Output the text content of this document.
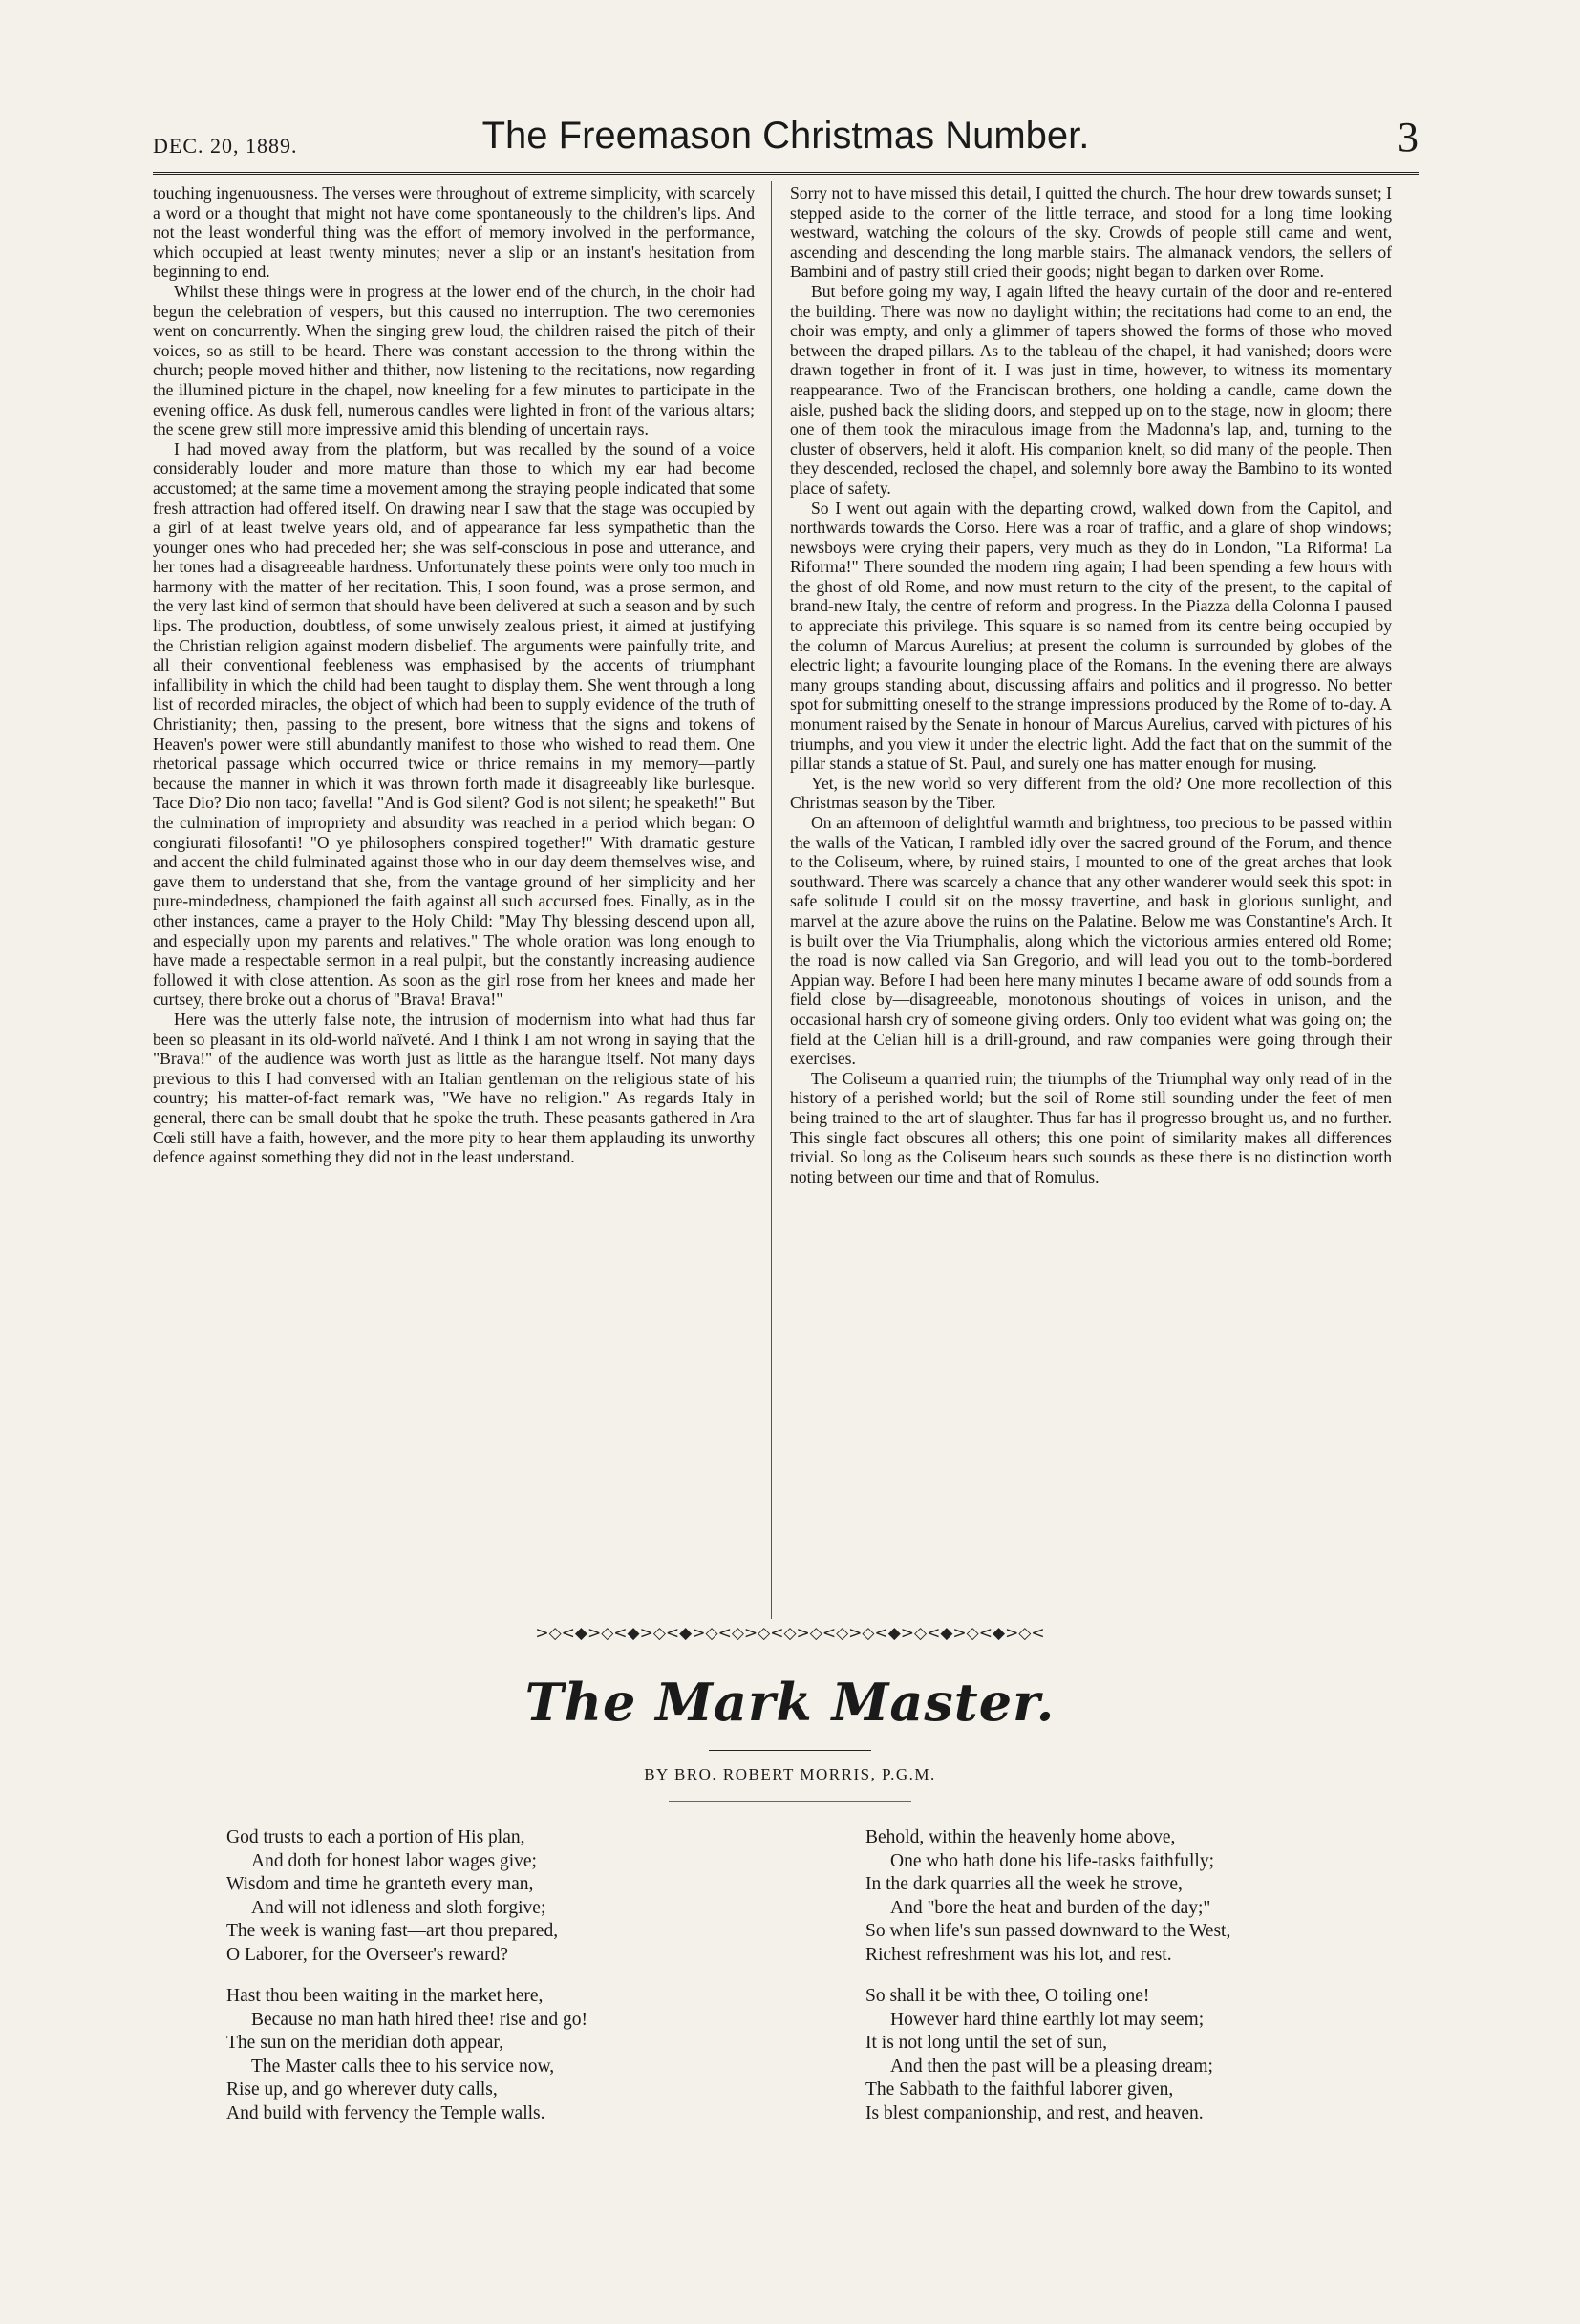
DEC. 20, 1889.	The Freemason Christmas Number.	3

touching ingenuousness. The verses were throughout of extreme simplicity, with scarcely a word or a thought that might not have come spontaneously to the children's lips. And not the least wonderful thing was the effort of memory involved in the performance, which occupied at least twenty minutes; never a slip or an instant's hesitation from beginning to end.

Whilst these things were in progress at the lower end of the church, in the choir had begun the celebration of vespers, but this caused no interruption. The two ceremonies went on concurrently. When the singing grew loud, the children raised the pitch of their voices, so as still to be heard. There was constant accession to the throng within the church; people moved hither and thither, now listening to the recitations, now regarding the illumined picture in the chapel, now kneeling for a few minutes to participate in the evening office. As dusk fell, numerous candles were lighted in front of the various altars; the scene grew still more impressive amid this blending of uncertain rays.

I had moved away from the platform, but was recalled by the sound of a voice considerably louder and more mature than those to which my ear had become accustomed; at the same time a movement among the straying people indicated that some fresh attraction had offered itself. On drawing near I saw that the stage was occupied by a girl of at least twelve years old, and of appearance far less sympathetic than the younger ones who had preceded her; she was self-conscious in pose and utterance, and her tones had a disagreeable hardness. Unfortunately these points were only too much in harmony with the matter of her recitation. This, I soon found, was a prose sermon, and the very last kind of sermon that should have been delivered at such a season and by such lips. The production, doubtless, of some unwisely zealous priest, it aimed at justifying the Christian religion against modern disbelief. The arguments were painfully trite, and all their conventional feebleness was emphasised by the accents of triumphant infallibility in which the child had been taught to display them. She went through a long list of recorded miracles, the object of which had been to supply evidence of the truth of Christianity; then, passing to the present, bore witness that the signs and tokens of Heaven's power were still abundantly manifest to those who wished to read them. One rhetorical passage which occurred twice or thrice remains in my memory—partly because the manner in which it was thrown forth made it disagreeably like burlesque. Tace Dio? Dio non taco; favella! "And is God silent? God is not silent; he speaketh!" But the culmination of impropriety and absurdity was reached in a period which began: O congiurati filosofanti! "O ye philosophers conspired together!" With dramatic gesture and accent the child fulminated against those who in our day deem themselves wise, and gave them to understand that she, from the vantage ground of her simplicity and her pure-mindedness, championed the faith against all such accursed foes. Finally, as in the other instances, came a prayer to the Holy Child: "May Thy blessing descend upon all, and especially upon my parents and relatives." The whole oration was long enough to have made a respectable sermon in a real pulpit, but the constantly increasing audience followed it with close attention. As soon as the girl rose from her knees and made her curtsey, there broke out a chorus of "Brava! Brava!"

Here was the utterly false note, the intrusion of modernism into what had thus far been so pleasant in its old-world naïveté. And I think I am not wrong in saying that the "Brava!" of the audience was worth just as little as the harangue itself. Not many days previous to this I had conversed with an Italian gentleman on the religious state of his country; his matter-of-fact remark was, "We have no religion." As regards Italy in general, there can be small doubt that he spoke the truth. These peasants gathered in Ara Cœli still have a faith, however, and the more pity to hear them applauding its unworthy defence against something they did not in the least understand.

Sorry not to have missed this detail, I quitted the church. The hour drew towards sunset; I stepped aside to the corner of the little terrace, and stood for a long time looking westward, watching the colours of the sky. Crowds of people still came and went, ascending and descending the long marble stairs. The almanack vendors, the sellers of Bambini and of pastry still cried their goods; night began to darken over Rome.

But before going my way, I again lifted the heavy curtain of the door and re-entered the building. There was now no daylight within; the recitations had come to an end, the choir was empty, and only a glimmer of tapers showed the forms of those who moved between the draped pillars. As to the tableau of the chapel, it had vanished; doors were drawn together in front of it. I was just in time, however, to witness its momentary reappearance. Two of the Franciscan brothers, one holding a candle, came down the aisle, pushed back the sliding doors, and stepped up on to the stage, now in gloom; there one of them took the miraculous image from the Madonna's lap, and, turning to the cluster of observers, held it aloft. His companion knelt, so did many of the people. Then they descended, reclosed the chapel, and solemnly bore away the Bambino to its wonted place of safety.

So I went out again with the departing crowd, walked down from the Capitol, and northwards towards the Corso. Here was a roar of traffic, and a glare of shop windows; newsboys were crying their papers, very much as they do in London, "La Riforma! La Riforma!" There sounded the modern ring again; I had been spending a few hours with the ghost of old Rome, and now must return to the city of the present, to the capital of brand-new Italy, the centre of reform and progress. In the Piazza della Colonna I paused to appreciate this privilege. This square is so named from its centre being occupied by the column of Marcus Aurelius; at present the column is surrounded by globes of the electric light; a favourite lounging place of the Romans. In the evening there are always many groups standing about, discussing affairs and politics and il progresso. No better spot for submitting oneself to the strange impressions produced by the Rome of to-day. A monument raised by the Senate in honour of Marcus Aurelius, carved with pictures of his triumphs, and you view it under the electric light. Add the fact that on the summit of the pillar stands a statue of St. Paul, and surely one has matter enough for musing.

Yet, is the new world so very different from the old? One more recollection of this Christmas season by the Tiber.

On an afternoon of delightful warmth and brightness, too precious to be passed within the walls of the Vatican, I rambled idly over the sacred ground of the Forum, and thence to the Coliseum, where, by ruined stairs, I mounted to one of the great arches that look southward. There was scarcely a chance that any other wanderer would seek this spot: in safe solitude I could sit on the mossy travertine, and bask in glorious sunlight, and marvel at the azure above the ruins on the Palatine. Below me was Constantine's Arch. It is built over the Via Triumphalis, along which the victorious armies entered old Rome; the road is now called via San Gregorio, and will lead you out to the tomb-bordered Appian way. Before I had been here many minutes I became aware of odd sounds from a field close by—disagreeable, monotonous shoutings of voices in unison, and the occasional harsh cry of someone giving orders. Only too evident what was going on; the field at the Celian hill is a drill-ground, and raw companies were going through their exercises.

The Coliseum a quarried ruin; the triumphs of the Triumphal way only read of in the history of a perished world; but the soil of Rome still sounding under the feet of men being trained to the art of slaughter. Thus far has il progresso brought us, and no further. This single fact obscures all others; this one point of similarity makes all differences trivial. So long as the Coliseum hears such sounds as these there is no distinction worth noting between our time and that of Romulus.

>◇<◆>◇<◆>◇<◆>◇<◇>◇<◇>◇<◇>◇<◆>◇<◆>◇<◆>◇<
The Mark Master.
BY BRO. ROBERT MORRIS, P.G.M.
God trusts to each a portion of His plan,
And doth for honest labor wages give;
Wisdom and time he granteth every man,
And will not idleness and sloth forgive;
The week is waning fast—art thou prepared,
O Laborer, for the Overseer's reward?
Hast thou been waiting in the market here,
Because no man hath hired thee! rise and go!
The sun on the meridian doth appear,
The Master calls thee to his service now,
Rise up, and go wherever duty calls,
And build with fervency the Temple walls.
Behold, within the heavenly home above,
One who hath done his life-tasks faithfully;
In the dark quarries all the week he strove,
And "bore the heat and burden of the day;"
So when life's sun passed downward to the West,
Richest refreshment was his lot, and rest.
So shall it be with thee, O toiling one!
However hard thine earthly lot may seem;
It is not long until the set of sun,
And then the past will be a pleasing dream;
The Sabbath to the faithful laborer given,
Is blest companionship, and rest, and heaven.
